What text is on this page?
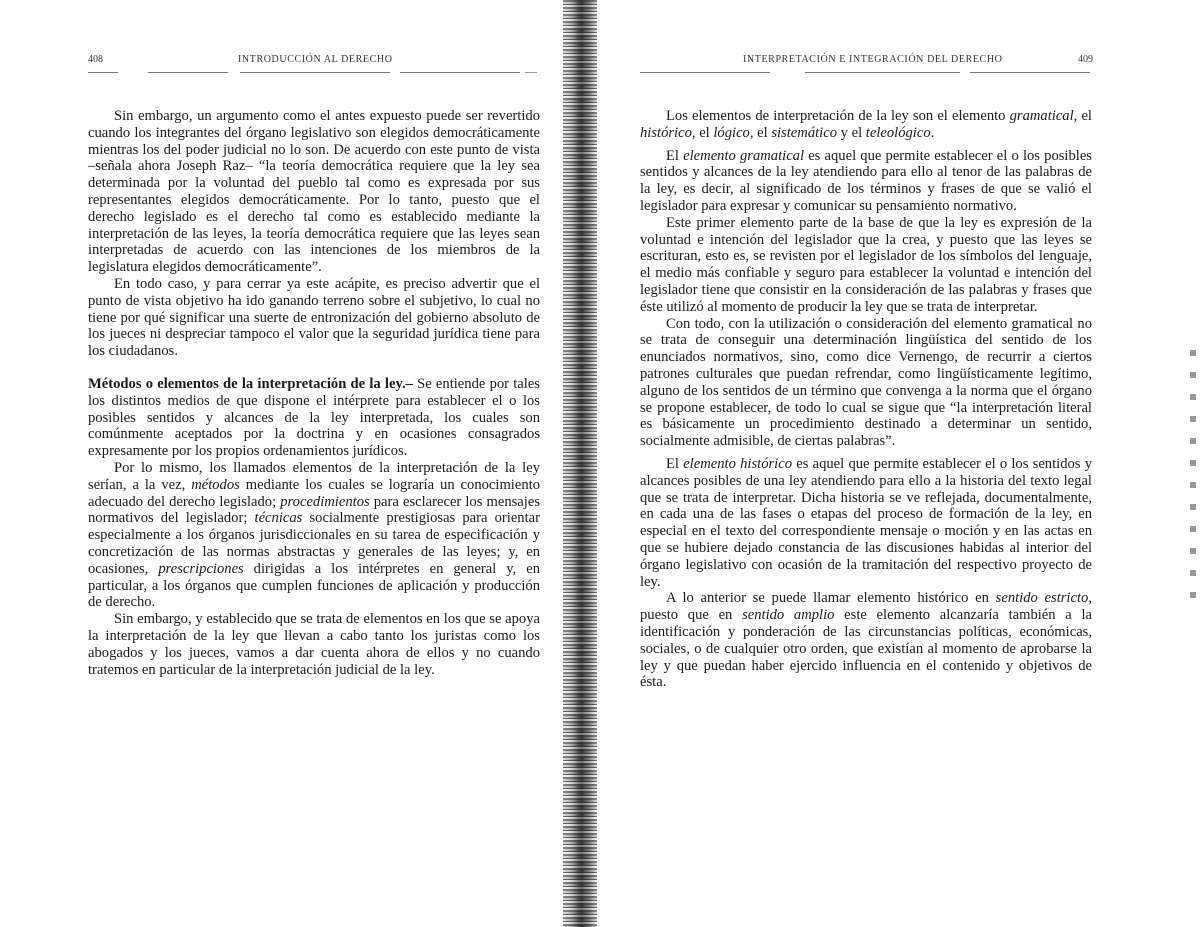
408	INTRODUCCIÓN AL DERECHO

Sin embargo, un argumento como el antes expuesto puede ser revertido cuando los integrantes del órgano legislativo son elegidos democráticamente mientras los del poder judicial no lo son. De acuerdo con este punto de vista –señala ahora Joseph Raz– “la teoría democrática requiere que la ley sea determinada por la voluntad del pueblo tal como es expresada por sus representantes elegidos democráticamente. Por lo tanto, puesto que el derecho legislado es el derecho tal como es establecido mediante la interpretación de las leyes, la teoría democrática requiere que las leyes sean interpretadas de acuerdo con las intenciones de los miembros de la legislatura elegidos democráticamente”.

En todo caso, y para cerrar ya este acápite, es preciso advertir que el punto de vista objetivo ha ido ganando terreno sobre el subjetivo, lo cual no tiene por qué significar una suerte de entronización del gobierno absoluto de los jueces ni despreciar tampoco el valor que la seguridad jurídica tiene para los ciudadanos.

Métodos o elementos de la interpretación de la ley.– Se entiende por tales los distintos medios de que dispone el intérprete para establecer el o los posibles sentidos y alcances de la ley interpretada, los cuales son comúnmente aceptados por la doctrina y en ocasiones consagrados expresamente por los propios ordenamientos jurídicos.

Por lo mismo, los llamados elementos de la interpretación de la ley serían, a la vez, métodos mediante los cuales se lograría un conocimiento adecuado del derecho legislado; procedimientos para esclarecer los mensajes normativos del legislador; técnicas socialmente prestigiosas para orientar especialmente a los órganos jurisdiccionales en su tarea de especificación y concretización de las normas abstractas y generales de las leyes; y, en ocasiones, prescripciones dirigidas a los intérpretes en general y, en particular, a los órganos que cumplen funciones de aplicación y producción de derecho.

Sin embargo, y establecido que se trata de elementos en los que se apoya la interpretación de la ley que llevan a cabo tanto los juristas como los abogados y los jueces, vamos a dar cuenta ahora de ellos y no cuando tratemos en particular de la interpretación judicial de la ley.

INTERPRETACIÓN E INTEGRACIÓN DEL DERECHO	409

Los elementos de interpretación de la ley son el elemento gramatical, el histórico, el lógico, el sistemático y el teleológico.

El elemento gramatical es aquel que permite establecer el o los posibles sentidos y alcances de la ley atendiendo para ello al tenor de las palabras de la ley, es decir, al significado de los términos y frases de que se valió el legislador para expresar y comunicar su pensamiento normativo.

Este primer elemento parte de la base de que la ley es expresión de la voluntad e intención del legislador que la crea, y puesto que las leyes se escrituran, esto es, se revisten por el legislador de los símbolos del lenguaje, el medio más confiable y seguro para establecer la voluntad e intención del legislador tiene que consistir en la consideración de las palabras y frases que éste utilizó al momento de producir la ley que se trata de interpretar.

Con todo, con la utilización o consideración del elemento gramatical no se trata de conseguir una determinación lingüística del sentido de los enunciados normativos, sino, como dice Vernengo, de recurrir a ciertos patrones culturales que puedan refrendar, como lingüísticamente legítimo, alguno de los sentidos de un término que convenga a la norma que el órgano se propone establecer, de todo lo cual se sigue que “la interpretación literal es básicamente un procedimiento destinado a determinar un sentido, socialmente admisible, de ciertas palabras”.

El elemento histórico es aquel que permite establecer el o los sentidos y alcances posibles de una ley atendiendo para ello a la historia del texto legal que se trata de interpretar. Dicha historia se ve reflejada, documentalmente, en cada una de las fases o etapas del proceso de formación de la ley, en especial en el texto del correspondiente mensaje o moción y en las actas en que se hubiere dejado constancia de las discusiones habidas al interior del órgano legislativo con ocasión de la tramitación del respectivo proyecto de ley.

A lo anterior se puede llamar elemento histórico en sentido estricto, puesto que en sentido amplio este elemento alcanzaría también a la identificación y ponderación de las circunstancias políticas, económicas, sociales, o de cualquier otro orden, que existían al momento de aprobarse la ley y que puedan haber ejercido influencia en el contenido y objetivos de ésta.
